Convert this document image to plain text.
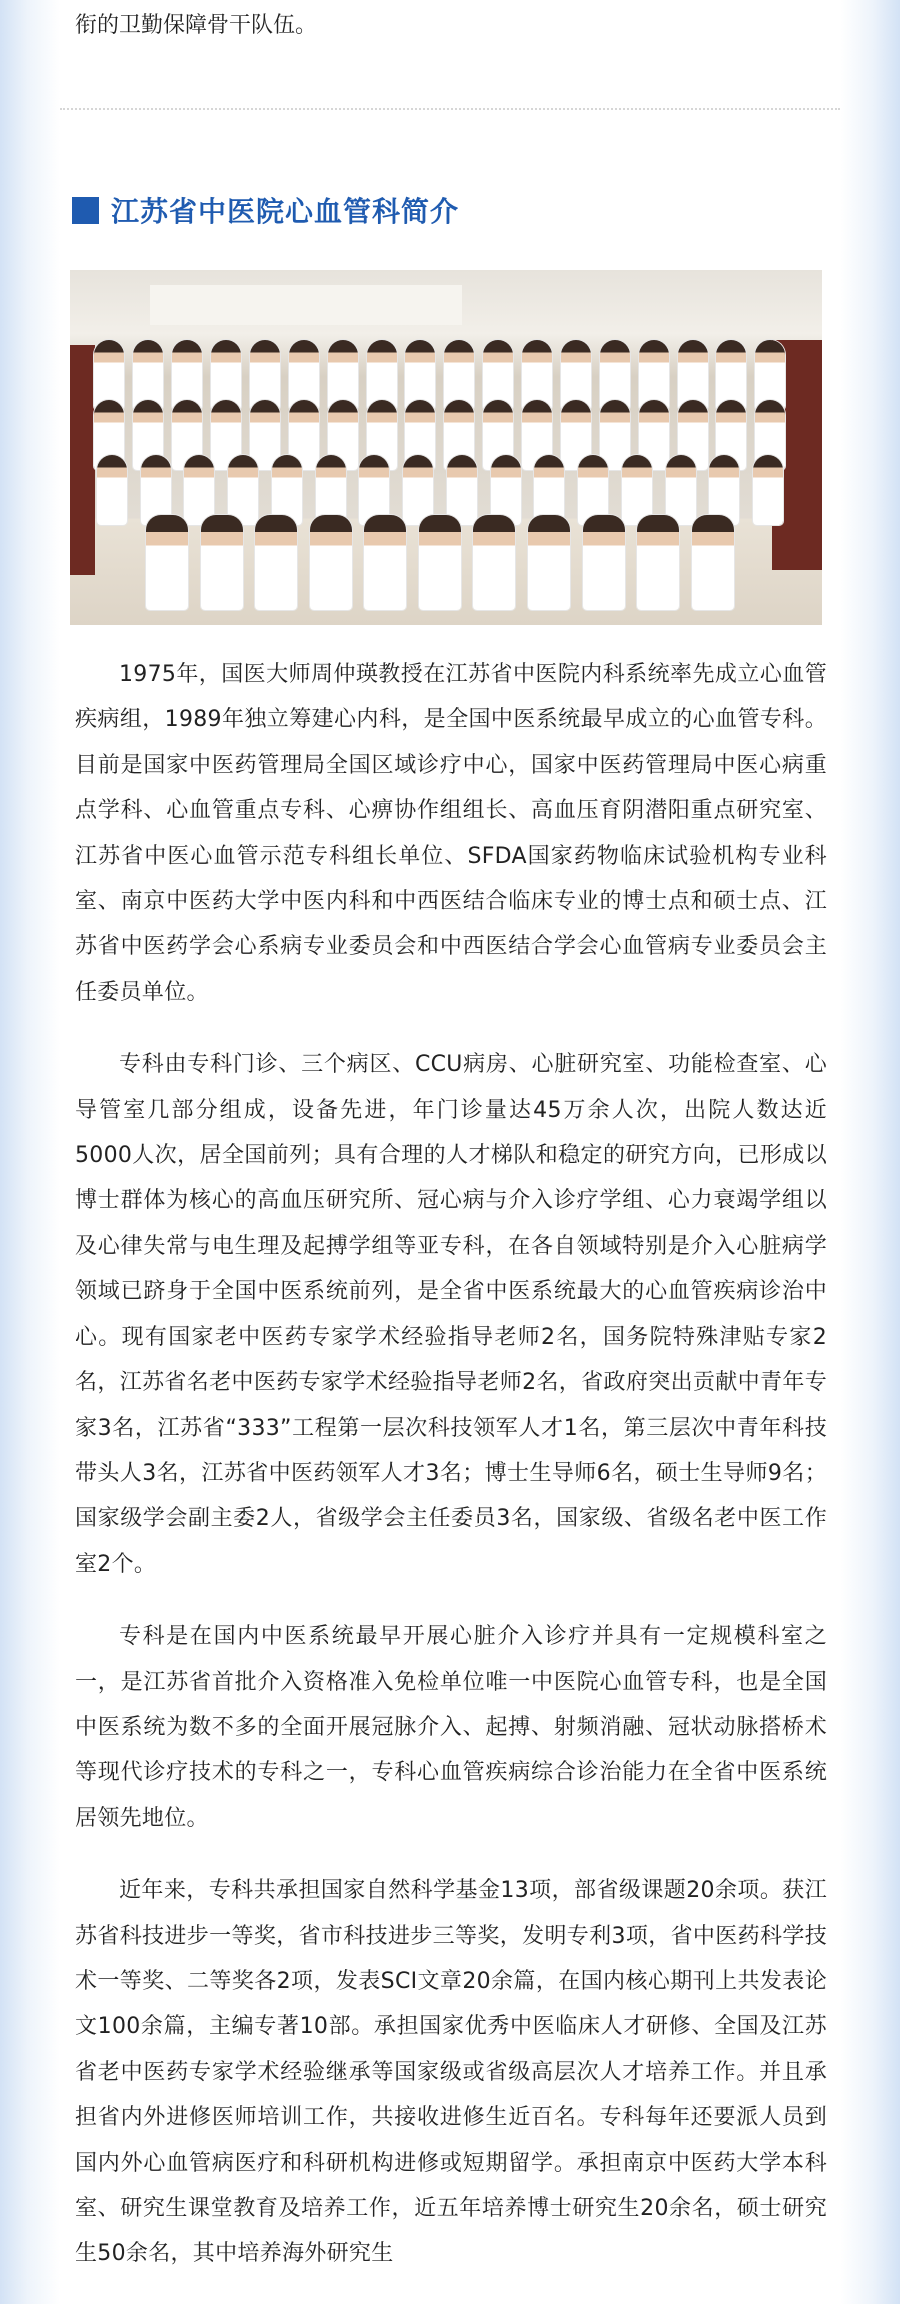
衔的卫勤保障骨干队伍。
江苏省中医院心血管科简介

1975年，国医大师周仲瑛教授在江苏省中医院内科系统率先成立心血管疾病组，1989年独立筹建心内科，是全国中医系统最早成立的心血管专科。目前是国家中医药管理局全国区域诊疗中心，国家中医药管理局中医心病重点学科、心血管重点专科、心痹协作组组长、高血压育阴潜阳重点研究室、江苏省中医心血管示范专科组长单位、SFDA国家药物临床试验机构专业科室、南京中医药大学中医内科和中西医结合临床专业的博士点和硕士点、江苏省中医药学会心系病专业委员会和中西医结合学会心血管病专业委员会主任委员单位。

专科由专科门诊、三个病区、CCU病房、心脏研究室、功能检查室、心导管室几部分组成，设备先进，年门诊量达45万余人次，出院人数达近5000人次，居全国前列；具有合理的人才梯队和稳定的研究方向，已形成以博士群体为核心的高血压研究所、冠心病与介入诊疗学组、心力衰竭学组以及心律失常与电生理及起搏学组等亚专科，在各自领域特别是介入心脏病学领域已跻身于全国中医系统前列，是全省中医系统最大的心血管疾病诊治中心。现有国家老中医药专家学术经验指导老师2名，国务院特殊津贴专家2名，江苏省名老中医药专家学术经验指导老师2名，省政府突出贡献中青年专家3名，江苏省“333”工程第一层次科技领军人才1名，第三层次中青年科技带头人3名，江苏省中医药领军人才3名；博士生导师6名，硕士生导师9名；国家级学会副主委2人，省级学会主任委员3名，国家级、省级名老中医工作室2个。

专科是在国内中医系统最早开展心脏介入诊疗并具有一定规模科室之一，是江苏省首批介入资格准入免检单位唯一中医院心血管专科，也是全国中医系统为数不多的全面开展冠脉介入、起搏、射频消融、冠状动脉搭桥术等现代诊疗技术的专科之一，专科心血管疾病综合诊治能力在全省中医系统居领先地位。

近年来，专科共承担国家自然科学基金13项，部省级课题20余项。获江苏省科技进步一等奖，省市科技进步三等奖，发明专利3项，省中医药科学技术一等奖、二等奖各2项，发表SCI文章20余篇，在国内核心期刊上共发表论文100余篇，主编专著10部。承担国家优秀中医临床人才研修、全国及江苏省老中医药专家学术经验继承等国家级或省级高层次人才培养工作。并且承担省内外进修医师培训工作，共接收进修生近百名。专科每年还要派人员到国内外心血管病医疗和科研机构进修或短期留学。承担南京中医药大学本科室、研究生课堂教育及培养工作，近五年培养博士研究生20余名，硕士研究生50余名，其中培养海外研究生
